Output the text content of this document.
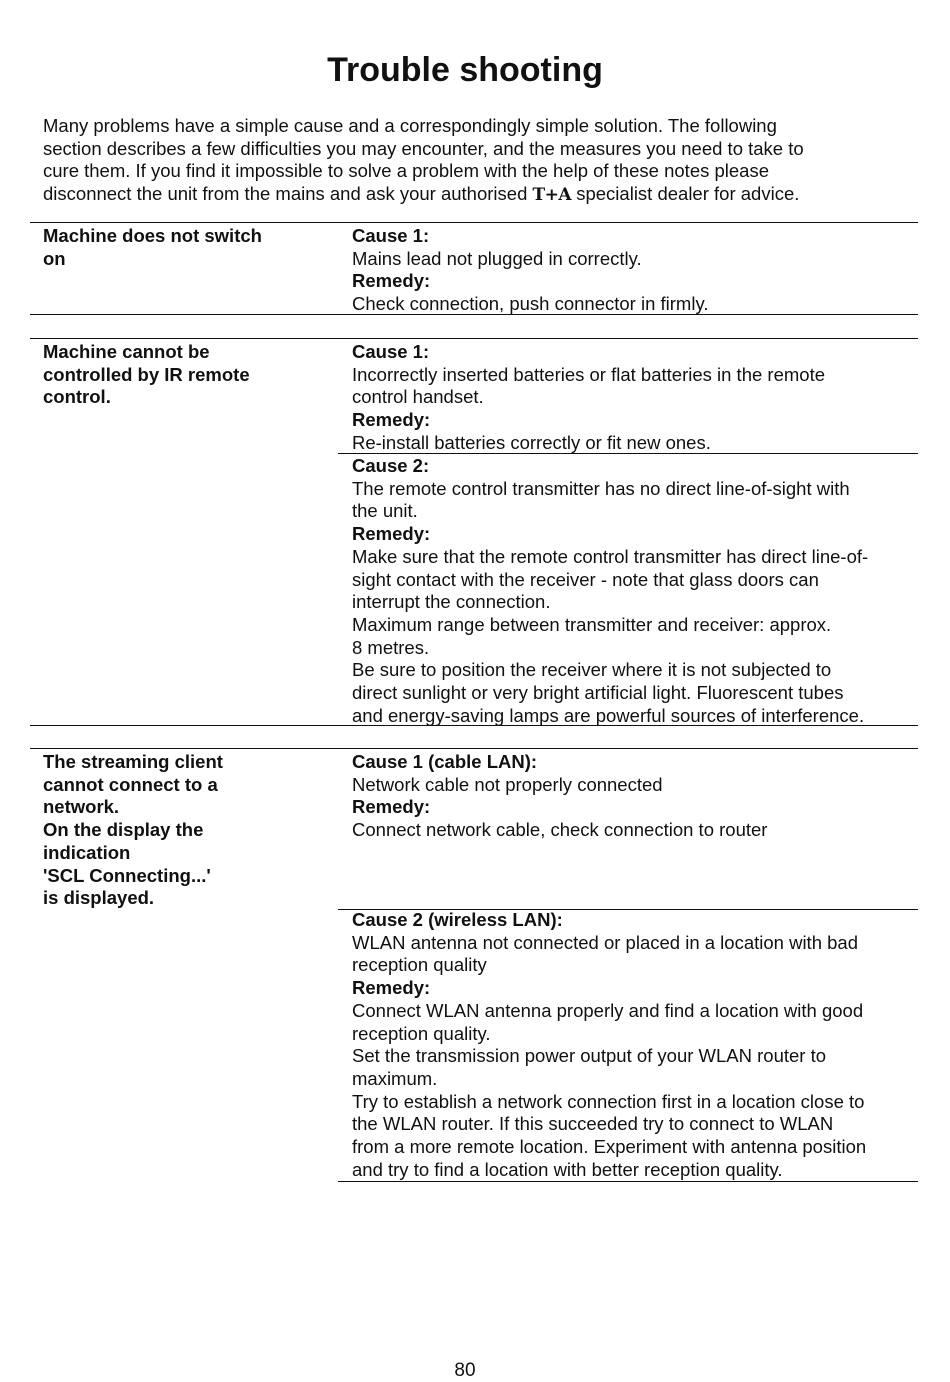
Trouble shooting
Many problems have a simple cause and a correspondingly simple solution. The following
section describes a few difficulties you may encounter, and the measures you need to take to
cure them. If you find it impossible to solve a problem with the help of these notes please
disconnect the unit from the mains and ask your authorised T+A specialist dealer for advice.
Machine does not switch
on
Cause 1:
Mains lead not plugged in correctly.
Remedy:
Check connection, push connector in firmly.
Machine cannot be
controlled by IR remote
control.
Cause 1:
Incorrectly inserted batteries or flat batteries in the remote
control handset.
Remedy:
Re-install batteries correctly or fit new ones.
Cause 2:
The remote control transmitter has no direct line-of-sight with
the unit.
Remedy:
Make sure that the remote control transmitter has direct line-of-
sight contact with the receiver - note that glass doors can
interrupt the connection.
Maximum range between transmitter and receiver: approx.
8 metres.
Be sure to position the receiver where it is not subjected to
direct sunlight or very bright artificial light. Fluorescent tubes
and energy-saving lamps are powerful sources of interference.
The streaming client
cannot connect to a
network.
On the display the
indication
'SCL Connecting...'
is displayed.
Cause 1 (cable LAN):
Network cable not properly connected
Remedy:
Connect network cable, check connection to router
Cause 2 (wireless LAN):
WLAN antenna not connected or placed in a location with bad
reception quality
Remedy:
Connect WLAN antenna properly and find a location with good
reception quality.
Set the transmission power output of your WLAN router to
maximum.
Try to establish a network connection first in a location close to
the WLAN router. If this succeeded try to connect to WLAN
from a more remote location. Experiment with antenna position
and try to find a location with better reception quality.
80
